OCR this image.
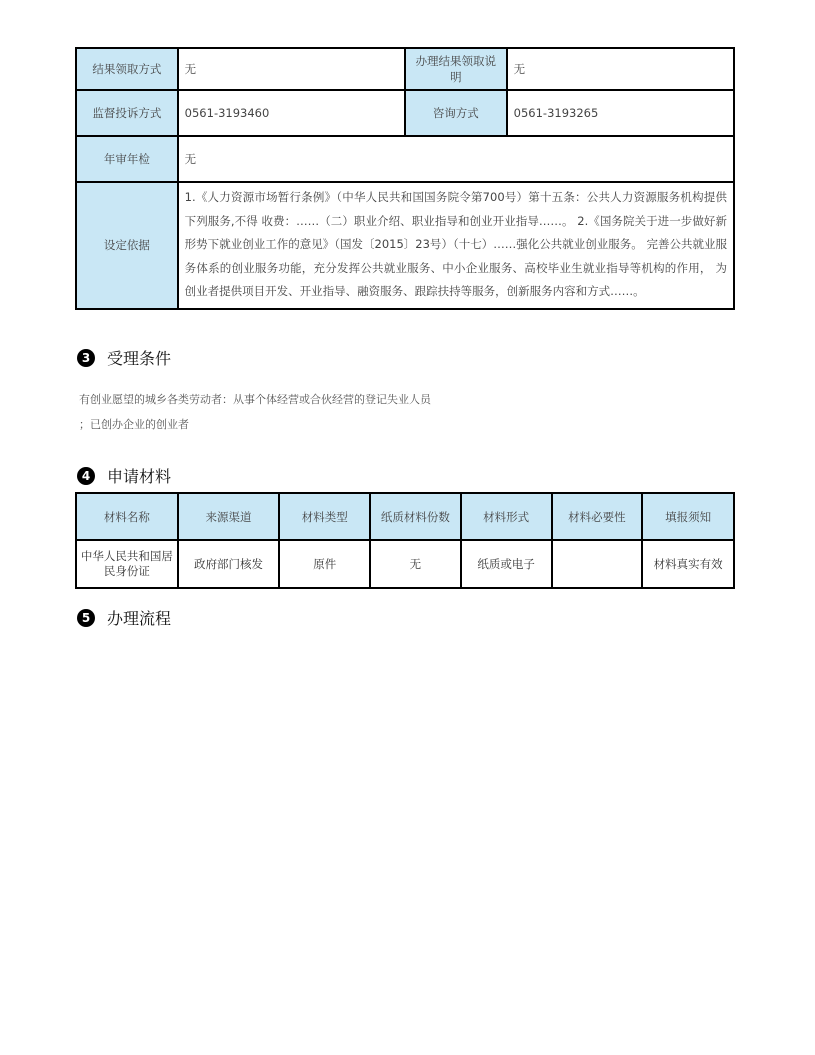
结果领取方式	无	办理结果领取说明	无
监督投诉方式	0561-3193460	咨询方式	0561-3193265
年审年检	无		
设定依据	1.《人力资源市场暂行条例》（中华人民共和国国务院令第700号）第十五条：公共人力资源服务机构提供下列服务,不得 收费：……（二）职业介绍、职业指导和创业开业指导……。 2.《国务院关于进一步做好新形势下就业创业工作的意见》（国发〔2015〕23号）（十七）……强化公共就业创业服务。 完善公共就业服务体系的创业服务功能，充分发挥公共就业服务、中小企业服务、高校毕业生就业指导等机构的作用， 为创业者提供项目开发、开业指导、融资服务、跟踪扶持等服务，创新服务内容和方式……。		
3	受理条件
有创业愿望的城乡各类劳动者：从事个体经营或合伙经营的登记失业人员
；已创办企业的创业者
4	申请材料
材料名称	来源渠道	材料类型	纸质材料份数	材料形式	材料必要性	填报须知
中华人民共和国居民身份证	政府部门核发	原件	无	纸质或电子		材料真实有效
5	办理流程
